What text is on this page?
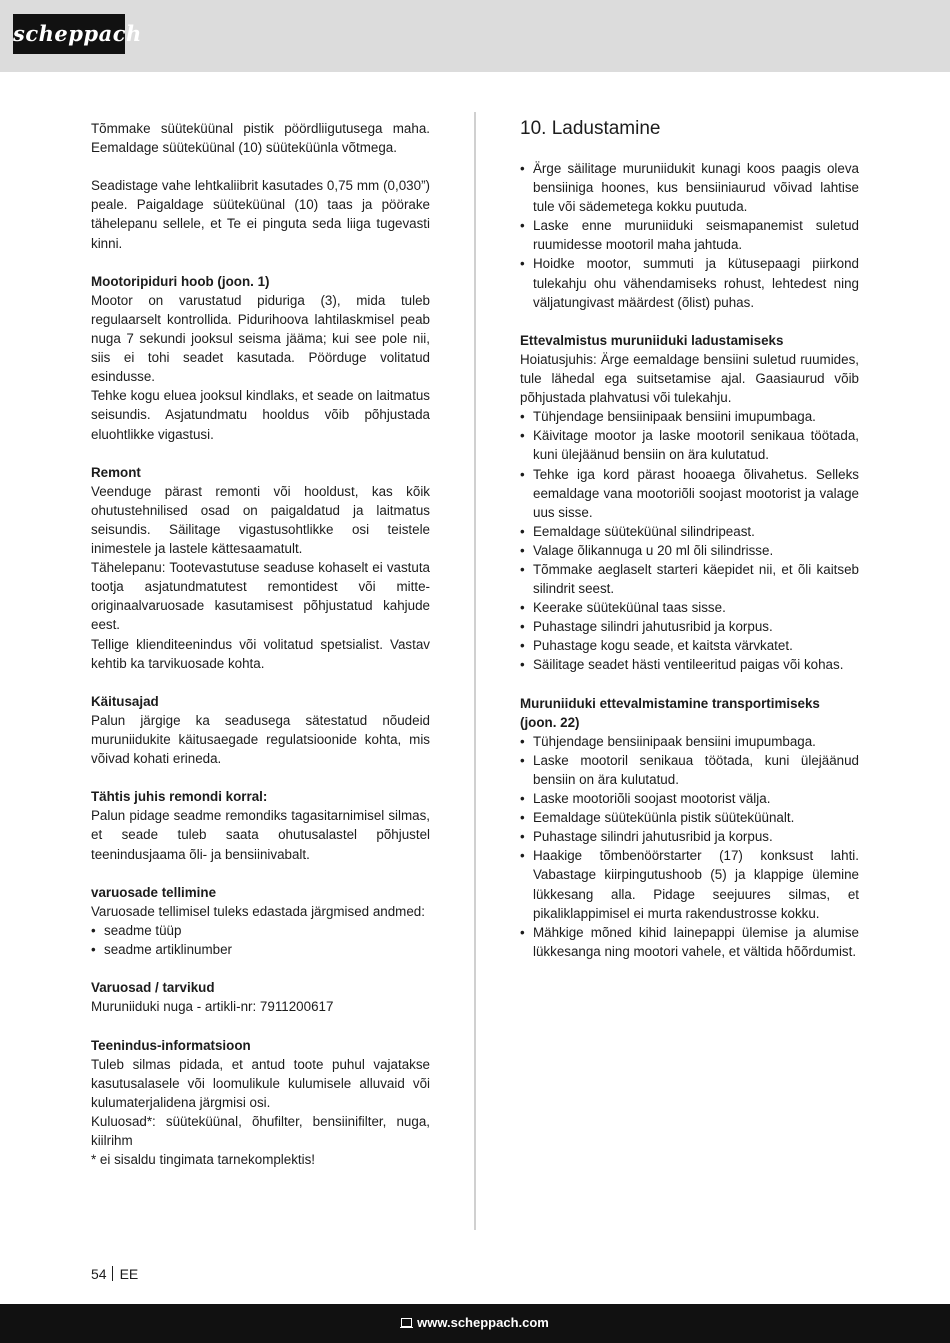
scheppach

Tõmmake süüteküünal pistik pöördliigutusega maha. Eemaldage süüteküünal (10) süüteküünla võtmega.

Seadistage vahe lehtkaliibrit kasutades 0,75 mm (0,030”) peale. Paigaldage süüteküünal (10) taas ja pöörake tähelepanu sellele, et Te ei pinguta seda liiga tugevasti kinni.

Mootoripiduri hoob (joon. 1)

Mootor on varustatud piduriga (3), mida tuleb regulaarselt kontrollida. Pidurihoova lahtilaskmisel peab nuga 7 sekundi jooksul seisma jääma; kui see pole nii, siis ei tohi seadet kasutada. Pöörduge volitatud esindusse.

Tehke kogu eluea jooksul kindlaks, et seade on laitmatus seisundis. Asjatundmatu hooldus võib põhjustada eluohtlikke vigastusi.

Remont

Veenduge pärast remonti või hooldust, kas kõik ohutustehnilised osad on paigaldatud ja laitmatus seisundis. Säilitage vigastusohtlikke osi teistele inimestele ja lastele kättesaamatult.

Tähelepanu: Tootevastutuse seaduse kohaselt ei vastuta tootja asjatundmatutest remontidest või mitte-originaalvaruosade kasutamisest põhjustatud kahjude eest.

Tellige klienditeenindus või volitatud spetsialist. Vastav kehtib ka tarvikuosade kohta.

Käitusajad

Palun järgige ka seadusega sätestatud nõudeid muruniidukite käitusaegade regulatsioonide kohta, mis võivad kohati erineda.

Tähtis juhis remondi korral:

Palun pidage seadme remondiks tagasitarnimisel silmas, et seade tuleb saata ohutusalastel põhjustel teenindusjaama õli- ja bensiinivabalt.

varuosade tellimine

Varuosade tellimisel tuleks edastada järgmised andmed:

• seadme tüüp

• seadme artiklinumber

Varuosad / tarvikud

Muruniiduki nuga - artikli-nr: 7911200617

Teenindus-informatsioon

Tuleb silmas pidada, et antud toote puhul vajatakse kasutusalasele või loomulikule kulumisele alluvaid või kulumaterjalidena järgmisi osi.

Kuluosad*: süüteküünal, õhufilter, bensiinifilter, nuga, kiilrihm

* ei sisaldu tingimata tarnekomplektis!

10. Ladustamine

• Ärge säilitage muruniidukit kunagi koos paagis oleva bensiiniga hoones, kus bensiiniaurud võivad lahtise tule või sädemetega kokku puutuda.

• Laske enne muruniiduki seismapanemist suletud ruumidesse mootoril maha jahtuda.

• Hoidke mootor, summuti ja kütusepaagi piirkond tulekahju ohu vähendamiseks rohust, lehtedest ning väljatungivast määrdest (õlist) puhas.

Ettevalmistus muruniiduki ladustamiseks

Hoiatusjuhis: Ärge eemaldage bensiini suletud ruumides, tule lähedal ega suitsetamise ajal. Gaasiaurud võib põhjustada plahvatusi või tulekahju.

• Tühjendage bensiinipaak bensiini imupumbaga.

• Käivitage mootor ja laske mootoril senikaua töötada, kuni ülejäänud bensiin on ära kulutatud.

• Tehke iga kord pärast hooaega õlivahetus. Selleks eemaldage vana mootoriõli soojast mootorist ja valage uus sisse.

• Eemaldage süüteküünal silindripeast.

• Valage õlikannuga u 20 ml õli silindrisse.

• Tõmmake aeglaselt starteri käepidet nii, et õli kaitseb silindrit seest.

• Keerake süüteküünal taas sisse.

• Puhastage silindri jahutusribid ja korpus.

• Puhastage kogu seade, et kaitsta värvkatet.

• Säilitage seadet hästi ventileeritud paigas või kohas.

Muruniiduki ettevalmistamine transportimiseks (joon. 22)

• Tühjendage bensiinipaak bensiini imupumbaga.

• Laske mootoril senikaua töötada, kuni ülejäänud bensiin on ära kulutatud.

• Laske mootoriõli soojast mootorist välja.

• Eemaldage süüteküünla pistik süüteküünalt.

• Puhastage silindri jahutusribid ja korpus.

• Haakige tõmbenöörstarter (17) konksust lahti. Vabastage kiirpingutushoob (5) ja klappige ülemine lükkesang alla. Pidage seejuures silmas, et pikaliklappimisel ei murta rakendustrosse kokku.

• Mähkige mõned kihid lainepappi ülemise ja alumise lükkesanga ning mootori vahele, et vältida hõõrdumist.

54 EE
www.scheppach.com
